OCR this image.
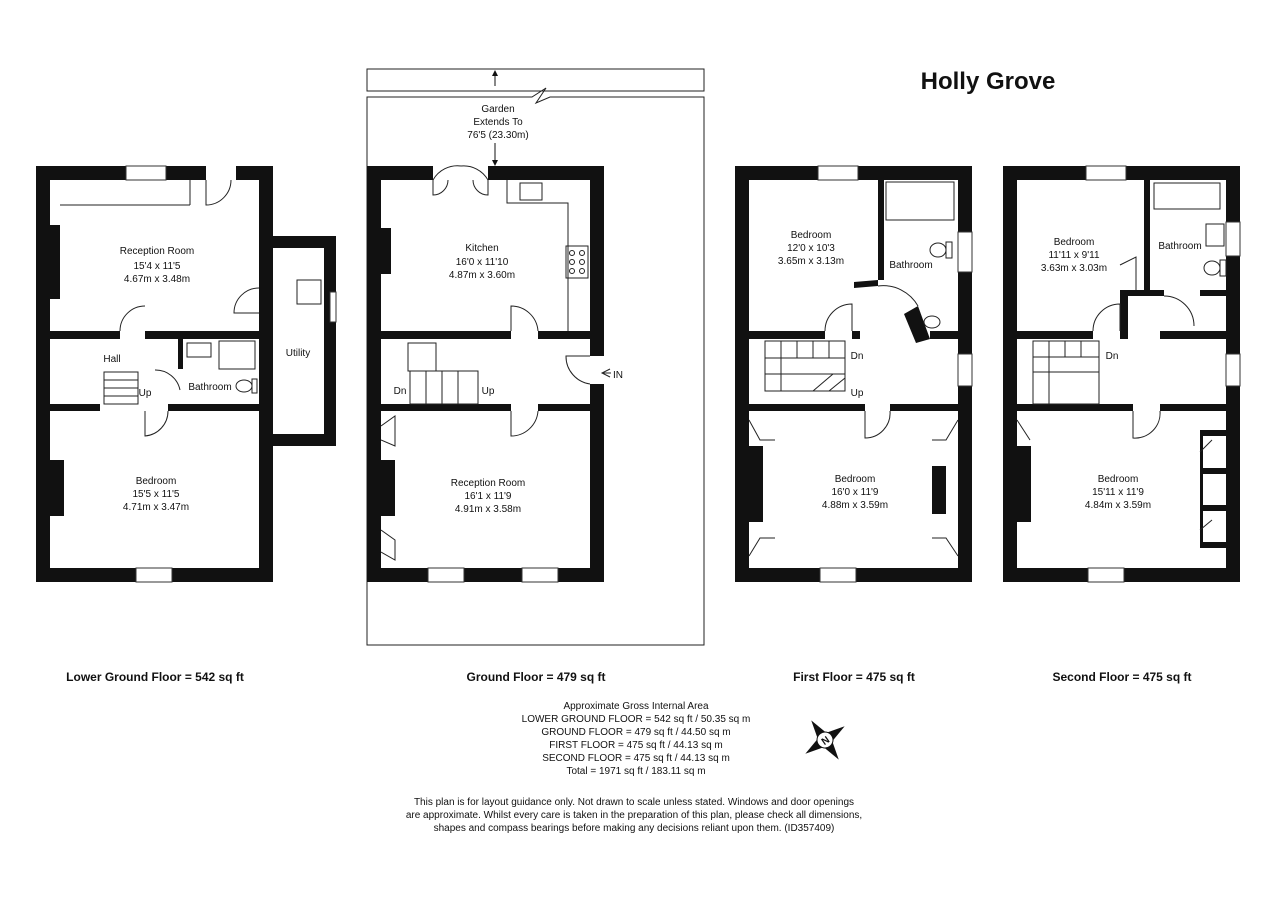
Holly Grove
Reception Room
15'4 x 11'5
4.67m x 3.48m
Hall
Up
Bathroom
Utility
Bedroom
15'5 x 11'5
4.71m x 3.47m
Garden
Extends To
76'5 (23.30m)
Kitchen
16'0 x 11'10
4.87m x 3.60m
Dn	Up
IN
Reception Room
16'1 x 11'9
4.91m x 3.58m
Bedroom
12'0 x 10'3
3.65m x 3.13m	Bathroom
Dn
Up
Bedroom
16'0 x 11'9
4.88m x 3.59m
Bedroom
11'11 x 9'11
3.63m x 3.03m
Bathroom
Dn
Bedroom
15'11 x 11'9
4.84m x 3.59m
Lower Ground Floor = 542 sq ft	Ground Floor = 479 sq ft	First Floor = 475 sq ft	Second Floor = 475 sq ft
Approximate Gross Internal Area
LOWER GROUND FLOOR = 542 sq ft / 50.35 sq m
GROUND FLOOR = 479 sq ft / 44.50 sq m
FIRST FLOOR = 475 sq ft / 44.13 sq m
SECOND FLOOR = 475 sq ft / 44.13 sq m
Total = 1971 sq ft / 183.11 sq m
N
This plan is for layout guidance only. Not drawn to scale unless stated. Windows and door openings
are approximate. Whilst every care is taken in the preparation of this plan, please check all dimensions,
shapes and compass bearings before making any decisions reliant upon them. (ID357409)
